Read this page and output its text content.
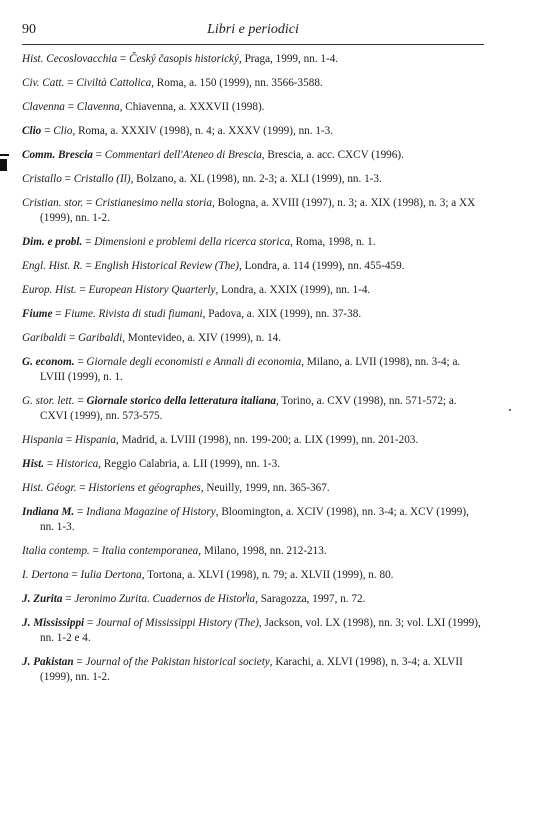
90	Libri e periodici
Hist. Cecoslovacchia = Český časopis historický, Praga, 1999, nn. 1-4.
Civ. Catt. = Civiltà Cattolica, Roma, a. 150 (1999), nn. 3566-3588.
Clavenna = Clavenna, Chiavenna, a. XXXVII (1998).
Clio = Clio, Roma, a. XXXIV (1998), n. 4; a. XXXV (1999), nn. 1-3.
Comm. Brescia = Commentari dell'Ateneo di Brescia, Brescia, a. acc. CXCV (1996).
Cristallo = Cristallo (Il), Bolzano, a. XL (1998), nn. 2-3; a. XLI (1999), nn. 1-3.
Cristian. stor. = Cristianesimo nella storia, Bologna, a. XVIII (1997), n. 3; a. XIX (1998), n. 3; a XX (1999), nn. 1-2.
Dim. e probl. = Dimensioni e problemi della ricerca storica, Roma, 1998, n. 1.
Engl. Hist. R. = English Historical Review (The), Londra, a. 114 (1999), nn. 455-459.
Europ. Hist. = European History Quarterly, Londra, a. XXIX (1999), nn. 1-4.
Fiume = Fiume. Rivista di studi fiumani, Padova, a. XIX (1999), nn. 37-38.
Garibaldi = Garibaldi, Montevideo, a. XIV (1999), n. 14.
G. econom. = Giornale degli economisti e Annali di economia, Milano, a. LVII (1998), nn. 3-4; a. LVIII (1999), n. 1.
G. stor. lett. = Giornale storico della letteratura italiana, Torino, a. CXV (1998), nn. 571-572; a. CXVI (1999), nn. 573-575.
Hispania = Hispania, Madrid, a. LVIII (1998), nn. 199-200; a. LIX (1999), nn. 201-203.
Hist. = Historica, Reggio Calabria, a. LII (1999), nn. 1-3.
Hist. Géogr. = Historiens et géographes, Neuilly, 1999, nn. 365-367.
Indiana M. = Indiana Magazine of History, Bloomington, a. XCIV (1998), nn. 3-4; a. XCV (1999), nn. 1-3.
Italia contemp. = Italia contemporanea, Milano, 1998, nn. 212-213.
I. Dertona = Iulia Dertona, Tortona, a. XLVI (1998), n. 79; a. XLVII (1999), n. 80.
J. Zurita = Jeronimo Zurita. Cuadernos de Historia, Saragozza, 1997, n. 72.
J. Mississippi = Journal of Mississippi History (The), Jackson, vol. LX (1998), nn. 3; vol. LXI (1999), nn. 1-2 e 4.
J. Pakistan = Journal of the Pakistan historical society, Karachi, a. XLVI (1998), n. 3-4; a. XLVII (1999), nn. 1-2.
